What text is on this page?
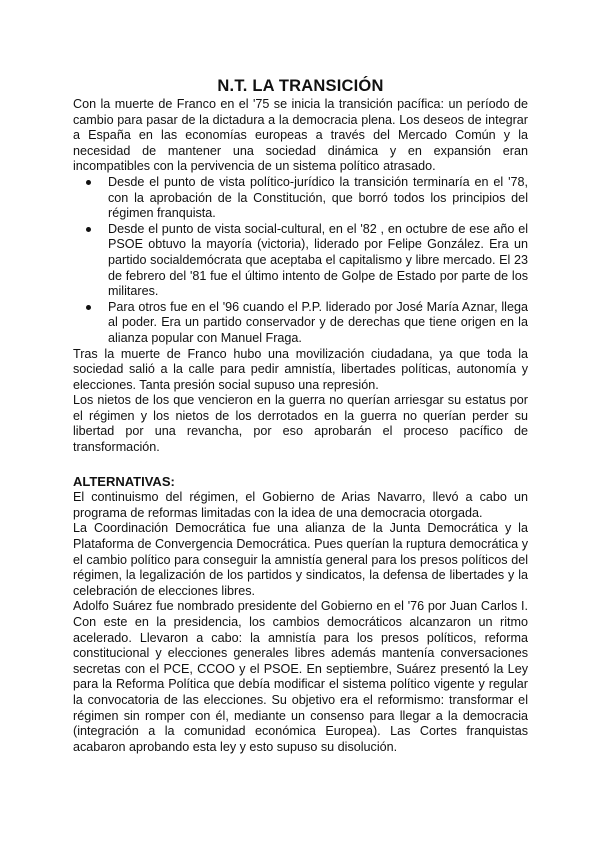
N.T. LA TRANSICIÓN

Con la muerte de Franco en el '75 se inicia la transición pacífica: un período de cambio para pasar de la dictadura a la democracia plena. Los deseos de integrar a España en las economías europeas a través del Mercado Común y la necesidad de mantener una sociedad dinámica y en expansión eran incompatibles con la pervivencia de un sistema político atrasado.

Desde el punto de vista político-jurídico la transición terminaría en el '78, con la aprobación de la Constitución, que borró todos los principios del régimen franquista.
Desde el punto de vista social-cultural, en el '82 , en octubre de ese año el PSOE obtuvo la mayoría (victoria), liderado por Felipe González. Era un partido socialdemócrata que aceptaba el capitalismo y libre mercado. El 23 de febrero del '81 fue el último intento de Golpe de Estado por parte de los militares.
Para otros fue en el '96 cuando el P.P. liderado por José María Aznar, llega al poder. Era un partido conservador y de derechas que tiene origen en la alianza popular con Manuel Fraga.

Tras la muerte de Franco hubo una movilización ciudadana, ya que toda la sociedad salió a la calle para pedir amnistía, libertades políticas, autonomía y elecciones. Tanta presión social supuso una represión.

Los nietos de los que vencieron en la guerra no querían arriesgar su estatus por el régimen y los nietos de los derrotados en la guerra no querían perder su libertad por una revancha, por eso aprobarán el proceso pacífico de transformación.

ALTERNATIVAS:

El continuismo del régimen, el Gobierno de Arias Navarro, llevó a cabo un programa de reformas limitadas con la idea de una democracia otorgada.

La Coordinación Democrática fue una alianza de la Junta Democrática y la Plataforma de Convergencia Democrática. Pues querían la ruptura democrática y el cambio político para conseguir la amnistía general para los presos políticos del régimen, la legalización de los partidos y sindicatos, la defensa de libertades y la celebración de elecciones libres.

Adolfo Suárez fue nombrado presidente del Gobierno en el '76 por Juan Carlos I. Con este en la presidencia, los cambios democráticos alcanzaron un ritmo acelerado. Llevaron a cabo: la amnistía para los presos políticos, reforma constitucional y elecciones generales libres además mantenía conversaciones secretas con el PCE, CCOO y el PSOE. En septiembre, Suárez presentó la Ley para la Reforma Política que debía modificar el sistema político vigente y regular la convocatoria de las elecciones. Su objetivo era el reformismo: transformar el régimen sin romper con él, mediante un consenso para llegar a la democracia (integración a la comunidad económica Europea). Las Cortes franquistas acabaron aprobando esta ley y esto supuso su disolución.
